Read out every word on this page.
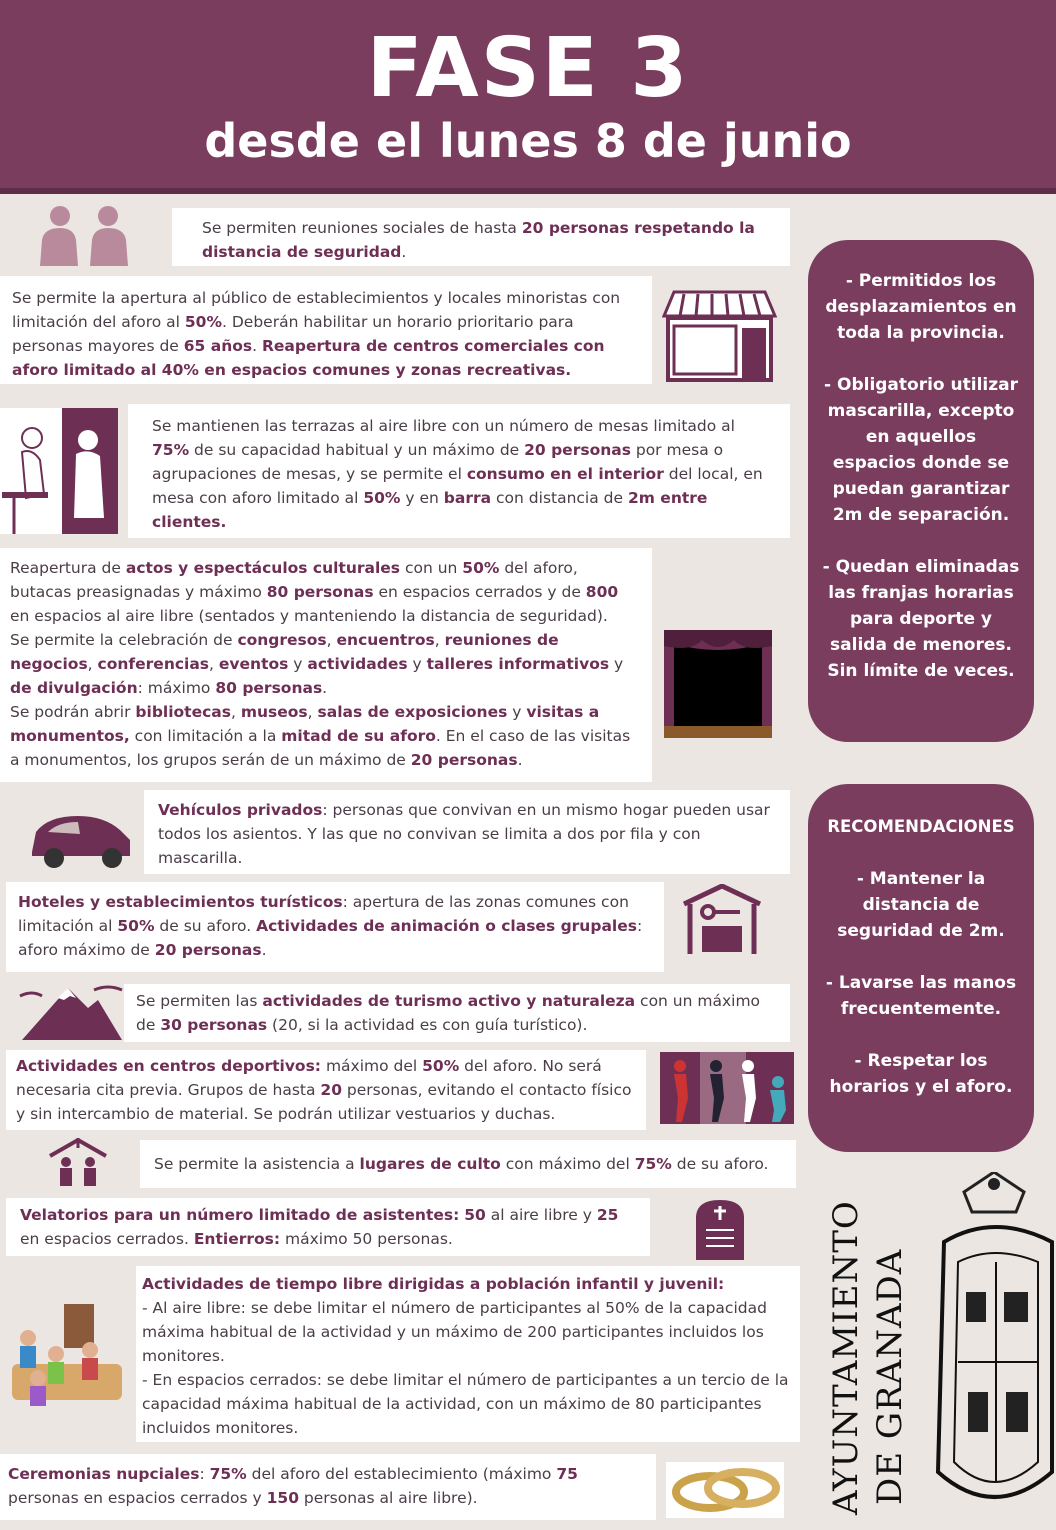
FASE 3
desde el lunes 8 de junio
Se permiten reuniones sociales de hasta 20 personas respetando la distancia de seguridad.
Se permite la apertura al público de establecimientos y locales minoristas con limitación del aforo al 50%. Deberán habilitar un horario prioritario para personas mayores de 65 años. Reapertura de centros comerciales con aforo limitado al 40% en espacios comunes y zonas recreativas.
Se mantienen las terrazas al aire libre con un número de mesas limitado al 75% de su capacidad habitual y un máximo de 20 personas por mesa o agrupaciones de mesas, y se permite el consumo en el interior del local, en mesa con aforo limitado al 50% y en barra con distancia de 2m entre clientes.
Reapertura de actos y espectáculos culturales con un 50% del aforo, butacas preasignadas y máximo 80 personas en espacios cerrados y de 800 en espacios al aire libre (sentados y manteniendo la distancia de seguridad).
Se permite la celebración de congresos, encuentros, reuniones de negocios, conferencias, eventos y actividades y talleres informativos y de divulgación: máximo 80 personas.
Se podrán abrir bibliotecas, museos, salas de exposiciones y visitas a monumentos, con limitación a la mitad de su aforo. En el caso de las visitas a monumentos, los grupos serán de un máximo de 20 personas.
Vehículos privados: personas que convivan en un mismo hogar pueden usar todos los asientos. Y las que no convivan se limita a dos por fila y con mascarilla.
Hoteles y establecimientos turísticos: apertura de las zonas comunes con limitación al 50% de su aforo. Actividades de animación o clases grupales: aforo máximo de 20 personas.
Se permiten las actividades de turismo activo y naturaleza con un máximo de 30 personas (20, si la actividad es con guía turístico).
Actividades en centros deportivos: máximo del 50% del aforo. No será necesaria cita previa. Grupos de hasta 20 personas, evitando el contacto físico y sin intercambio de material. Se podrán utilizar vestuarios y duchas.
Se permite la asistencia a lugares de culto con máximo del 75% de su aforo.
Velatorios para un número limitado de asistentes: 50 al aire libre y 25 en espacios cerrados. Entierros: máximo 50 personas.
Actividades de tiempo libre dirigidas a población infantil y juvenil:
- Al aire libre: se debe limitar el número de participantes al 50% de la capacidad máxima habitual de la actividad y un máximo de 200 participantes incluidos los monitores.
- En espacios cerrados: se debe limitar el número de participantes a un tercio de la capacidad máxima habitual de la actividad, con un máximo de 80 participantes incluidos monitores.
Ceremonias nupciales: 75% del aforo del establecimiento (máximo 75 personas en espacios cerrados y 150 personas al aire libre).

- Permitidos los desplazamientos en toda la provincia.

- Obligatorio utilizar mascarilla, excepto en aquellos espacios donde se puedan garantizar 2m de separación.

- Quedan eliminadas las franjas horarias para deporte y salida de menores. Sin límite de veces.

RECOMENDACIONES

- Mantener la distancia de seguridad de 2m.

- Lavarse las manos frecuentemente.

- Respetar los horarios y el aforo.

AYUNTAMIENTO DE GRANADA
